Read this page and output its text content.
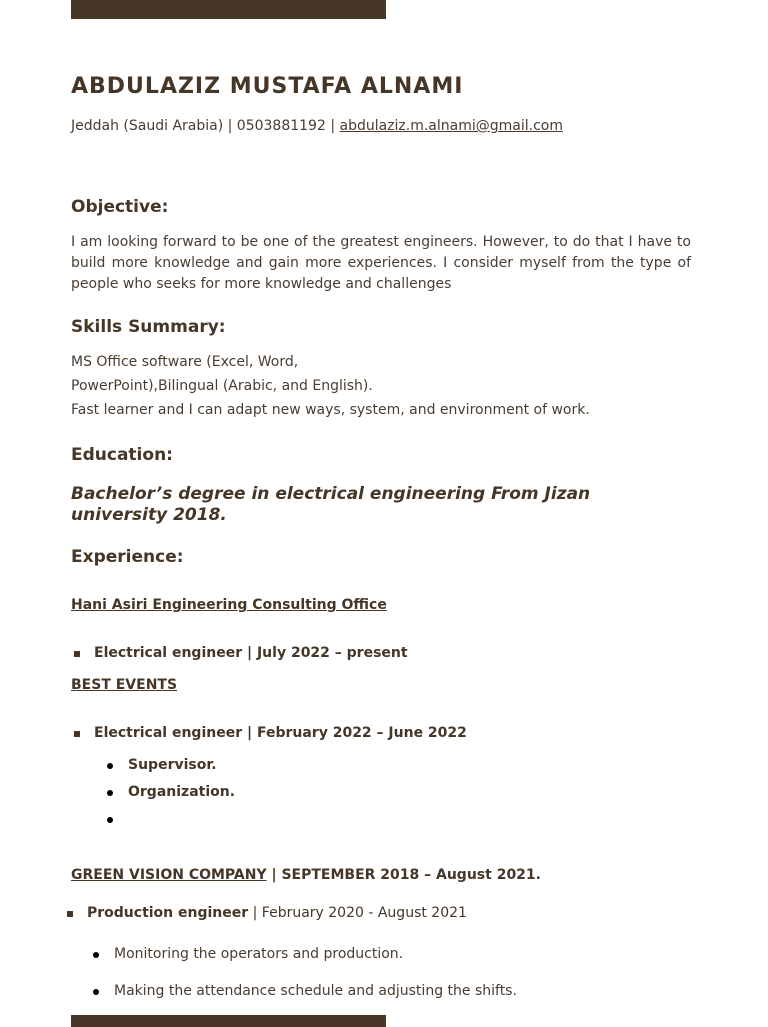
ABDULAZIZ MUSTAFA ALNAMI
Jeddah (Saudi Arabia) | 0503881192 | abdulaziz.m.alnami@gmail.com
Objective:

I am looking forward to be one of the greatest engineers. However, to do that I have to build more knowledge and gain more experiences. I consider myself from the type of people who seeks for more knowledge and challenges

Skills Summary:

MS Office software (Excel, Word,

PowerPoint),Bilingual (Arabic, and English).

Fast learner and I can adapt new ways, system, and environment of work.

Education:

Bachelor’s degree in electrical engineering From Jizan university 2018.

Experience:
Hani Asiri Engineering Consulting Office
Electrical engineer | July 2022 – present
BEST EVENTS
Electrical engineer | February 2022 – June 2022
Supervisor.
Organization.
GREEN VISION COMPANY | SEPTEMBER 2018 – August 2021.
Production engineer | February 2020 - August 2021
Monitoring the operators and production.
Making the attendance schedule and adjusting the shifts.
